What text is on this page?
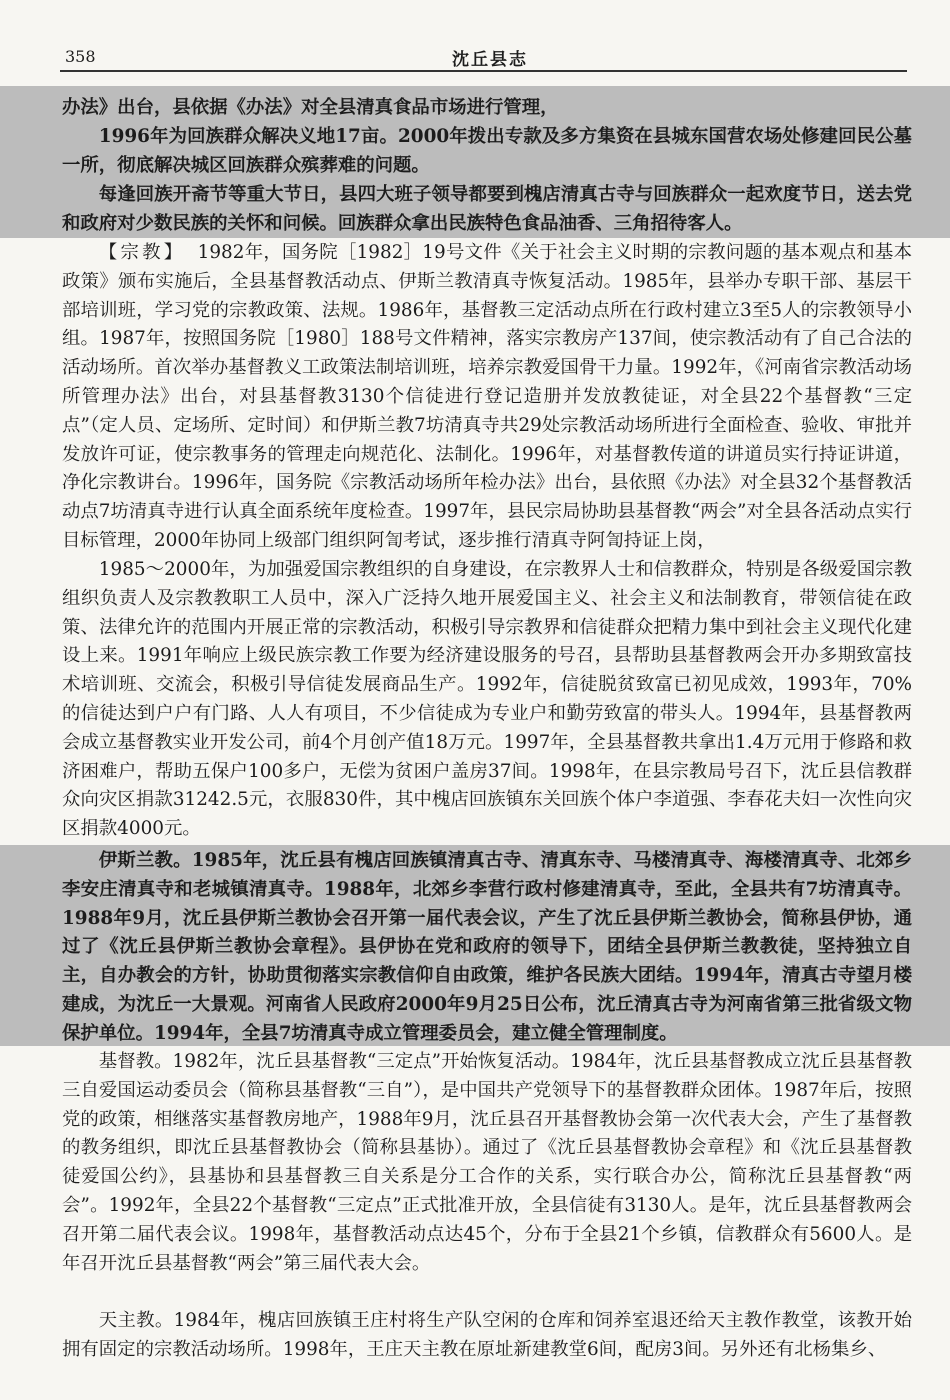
358	沈丘县志

办法》出台，县依据《办法》对全县清真食品市场进行管理，

1996年为回族群众解决义地17亩。2000年拨出专款及多方集资在县城东国营农场处修建回民公墓一所，彻底解决城区回族群众殡葬难的问题。

每逢回族开斋节等重大节日，县四大班子领导都要到槐店清真古寺与回族群众一起欢度节日，送去党和政府对少数民族的关怀和问候。回族群众拿出民族特色食品油香、三角招待客人。

【宗教】 1982年，国务院［1982］19号文件《关于社会主义时期的宗教问题的基本观点和基本政策》颁布实施后，全县基督教活动点、伊斯兰教清真寺恢复活动。1985年，县举办专职干部、基层干部培训班，学习党的宗教政策、法规。1986年，基督教三定活动点所在行政村建立3至5人的宗教领导小组。1987年，按照国务院［1980］188号文件精神，落实宗教房产137间，使宗教活动有了自己合法的活动场所。首次举办基督教义工政策法制培训班，培养宗教爱国骨干力量。1992年，《河南省宗教活动场所管理办法》出台，对县基督教3130个信徒进行登记造册并发放教徒证，对全县22个基督教“三定点”（定人员、定场所、定时间）和伊斯兰教7坊清真寺共29处宗教活动场所进行全面检查、验收、审批并发放许可证，使宗教事务的管理走向规范化、法制化。1996年，对基督教传道的讲道员实行持证讲道，净化宗教讲台。1996年，国务院《宗教活动场所年检办法》出台，县依照《办法》对全县32个基督教活动点7坊清真寺进行认真全面系统年度检查。1997年，县民宗局协助县基督教“两会”对全县各活动点实行目标管理，2000年协同上级部门组织阿訇考试，逐步推行清真寺阿訇持证上岗，

1985～2000年，为加强爱国宗教组织的自身建设，在宗教界人士和信教群众，特别是各级爱国宗教组织负责人及宗教教职工人员中，深入广泛持久地开展爱国主义、社会主义和法制教育，带领信徒在政策、法律允许的范围内开展正常的宗教活动，积极引导宗教界和信徒群众把精力集中到社会主义现代化建设上来。1991年响应上级民族宗教工作要为经济建设服务的号召，县帮助县基督教两会开办多期致富技术培训班、交流会，积极引导信徒发展商品生产。1992年，信徒脱贫致富已初见成效，1993年，70%的信徒达到户户有门路、人人有项目，不少信徒成为专业户和勤劳致富的带头人。1994年，县基督教两会成立基督教实业开发公司，前4个月创产值18万元。1997年，全县基督教共拿出1.4万元用于修路和救济困难户，帮助五保户100多户，无偿为贫困户盖房37间。1998年，在县宗教局号召下，沈丘县信教群众向灾区捐款31242.5元，衣服830件，其中槐店回族镇东关回族个体户李道强、李春花夫妇一次性向灾区捐款4000元。

伊斯兰教。1985年，沈丘县有槐店回族镇清真古寺、清真东寺、马楼清真寺、海楼清真寺、北郊乡李安庄清真寺和老城镇清真寺。1988年，北郊乡李营行政村修建清真寺，至此，全县共有7坊清真寺。1988年9月，沈丘县伊斯兰教协会召开第一届代表会议，产生了沈丘县伊斯兰教协会，简称县伊协，通过了《沈丘县伊斯兰教协会章程》。县伊协在党和政府的领导下，团结全县伊斯兰教教徒，坚持独立自主，自办教会的方针，协助贯彻落实宗教信仰自由政策，维护各民族大团结。1994年，清真古寺望月楼建成，为沈丘一大景观。河南省人民政府2000年9月25日公布，沈丘清真古寺为河南省第三批省级文物保护单位。1994年，全县7坊清真寺成立管理委员会，建立健全管理制度。

基督教。1982年，沈丘县基督教“三定点”开始恢复活动。1984年，沈丘县基督教成立沈丘县基督教三自爱国运动委员会（简称县基督教“三自”），是中国共产党领导下的基督教群众团体。1987年后，按照党的政策，相继落实基督教房地产，1988年9月，沈丘县召开基督教协会第一次代表大会，产生了基督教的教务组织，即沈丘县基督教协会（简称县基协）。通过了《沈丘县基督教协会章程》和《沈丘县基督教徒爱国公约》，县基协和县基督教三自关系是分工合作的关系，实行联合办公，简称沈丘县基督教“两会”。1992年，全县22个基督教“三定点”正式批准开放，全县信徒有3130人。是年，沈丘县基督教两会召开第二届代表会议。1998年，基督教活动点达45个，分布于全县21个乡镇，信教群众有5600人。是年召开沈丘县基督教“两会”第三届代表大会。

天主教。1984年，槐店回族镇王庄村将生产队空闲的仓库和饲养室退还给天主教作教堂，该教开始拥有固定的宗教活动场所。1998年，王庄天主教在原址新建教堂6间，配房3间。另外还有北杨集乡、
